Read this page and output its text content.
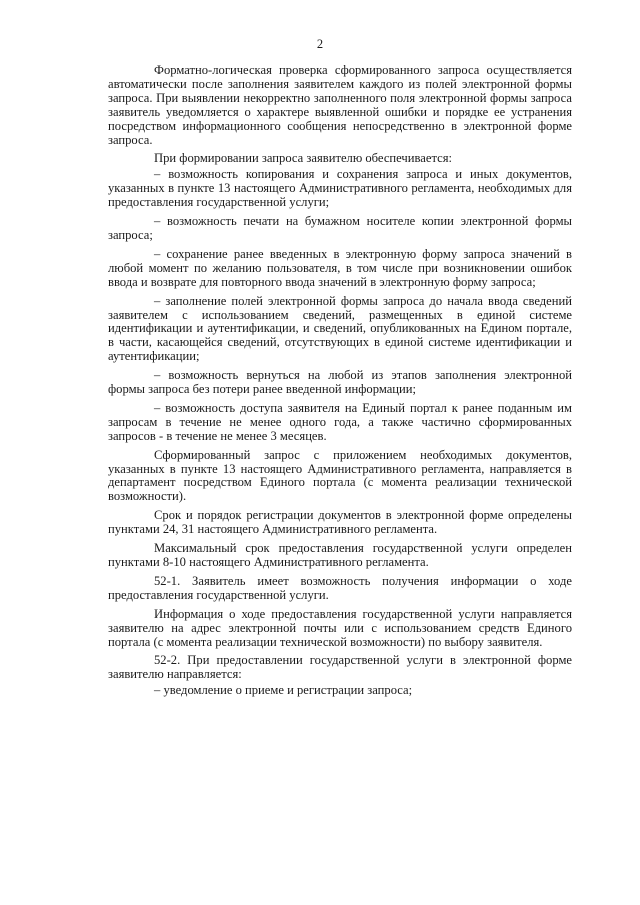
2

Форматно-логическая проверка сформированного запроса осуществляется автоматически после заполнения заявителем каждого из полей электронной формы запроса. При выявлении некорректно заполненного поля электронной формы запроса заявитель уведомляется о характере выявленной ошибки и порядке ее устранения посредством информационного сообщения непосредственно в электронной форме запроса.

При формировании запроса заявителю обеспечивается:

– возможность копирования и сохранения запроса и иных документов, указанных в пункте 13 настоящего Административного регламента, необходимых для предоставления государственной услуги;

– возможность печати на бумажном носителе копии электронной формы запроса;

– сохранение ранее введенных в электронную форму запроса значений в любой момент по желанию пользователя, в том числе при возникновении ошибок ввода и возврате для повторного ввода значений в электронную форму запроса;

– заполнение полей электронной формы запроса до начала ввода сведений заявителем с использованием сведений, размещенных в единой системе идентификации и аутентификации, и сведений, опубликованных на Едином портале, в части, касающейся сведений, отсутствующих в единой системе идентификации и аутентификации;

– возможность вернуться на любой из этапов заполнения электронной формы запроса без потери ранее введенной информации;

– возможность доступа заявителя на Единый портал к ранее поданным им запросам в течение не менее одного года, а также частично сформированных запросов - в течение не менее 3 месяцев.

Сформированный запрос с приложением необходимых документов, указанных в пункте 13 настоящего Административного регламента, направляется в департамент посредством Единого портала (с момента реализации технической возможности).

Срок и порядок регистрации документов в электронной форме определены пунктами 24, 31 настоящего Административного регламента.

Максимальный срок предоставления государственной услуги определен пунктами 8-10 настоящего Административного регламента.

52-1. Заявитель имеет возможность получения информации о ходе предоставления государственной услуги.

Информация о ходе предоставления государственной услуги направляется заявителю на адрес электронной почты или с использованием средств Единого портала (с момента реализации технической возможности) по выбору заявителя.

52-2. При предоставлении государственной услуги в электронной форме заявителю направляется:

– уведомление о приеме и регистрации запроса;
